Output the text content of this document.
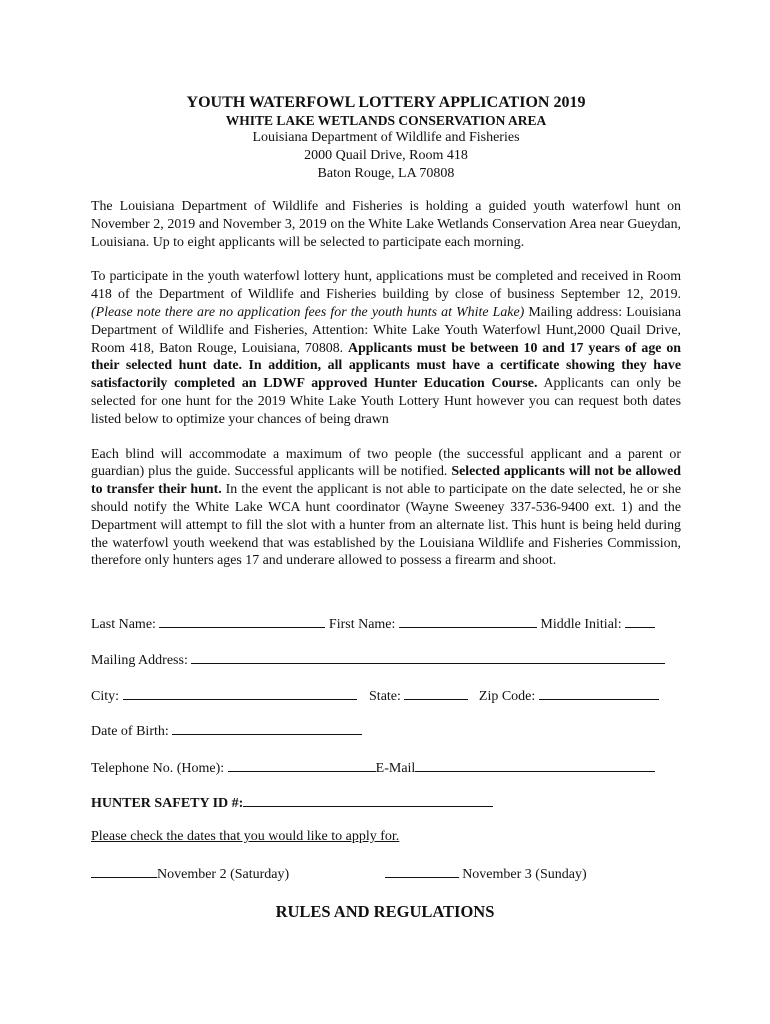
YOUTH WATERFOWL LOTTERY APPLICATION 2019
WHITE LAKE WETLANDS CONSERVATION AREA
Louisiana Department of Wildlife and Fisheries
2000 Quail Drive, Room 418
Baton Rouge, LA 70808

The Louisiana Department of Wildlife and Fisheries is holding a guided youth waterfowl hunt on November 2, 2019 and November 3, 2019 on the White Lake Wetlands Conservation Area near Gueydan, Louisiana. Up to eight applicants will be selected to participate each morning.

To participate in the youth waterfowl lottery hunt, applications must be completed and received in Room 418 of the Department of Wildlife and Fisheries building by close of business September 12, 2019. (Please note there are no application fees for the youth hunts at White Lake) Mailing address: Louisiana Department of Wildlife and Fisheries, Attention: White Lake Youth Waterfowl Hunt,2000 Quail Drive, Room 418, Baton Rouge, Louisiana, 70808. Applicants must be between 10 and 17 years of age on their selected hunt date. In addition, all applicants must have a certificate showing they have satisfactorily completed an LDWF approved Hunter Education Course. Applicants can only be selected for one hunt for the 2019 White Lake Youth Lottery Hunt however you can request both dates listed below to optimize your chances of being drawn

Each blind will accommodate a maximum of two people (the successful applicant and a parent or guardian) plus the guide. Successful applicants will be notified. Selected applicants will not be allowed to transfer their hunt. In the event the applicant is not able to participate on the date selected, he or she should notify the White Lake WCA hunt coordinator (Wayne Sweeney 337-536-9400 ext. 1) and the Department will attempt to fill the slot with a hunter from an alternate list. This hunt is being held during the waterfowl youth weekend that was established by the Louisiana Wildlife and Fisheries Commission, therefore only hunters ages 17 and underare allowed to possess a firearm and shoot.

Last Name:	First Name:	Middle Initial:
Mailing Address:
City:	State:	Zip Code:
Date of Birth:
Telephone No. (Home):	E-Mail
HUNTER SAFETY ID #:
Please check the dates that you would like to apply for.
November 2 (Saturday)	November 3 (Sunday)
RULES AND REGULATIONS
